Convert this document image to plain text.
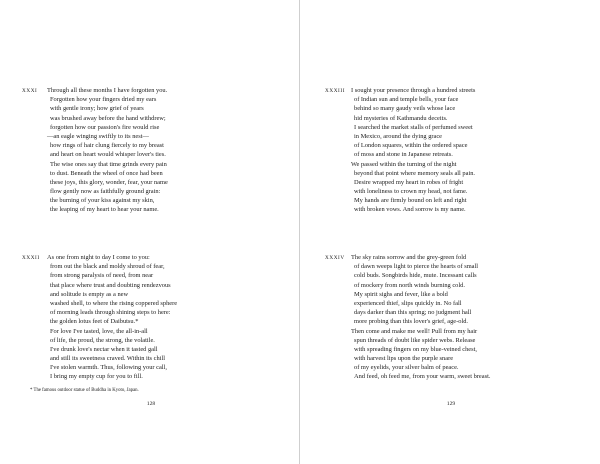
XXXI Through all these months I have forgotten you.
Forgotten how your fingers dried my ears
with gentle irony; how grief of years
was brushed away before the hand withdrew;
forgotten how our passion's fire would rise
—an eagle winging swiftly to its nest—
how rings of hair clung fiercely to my breast
and heart on heart would whisper lover's ties.
The wise ones say that time grinds every pain
to dust. Beneath the wheel of once had been
these joys, this glory, wonder, fear, your name
flow gently now as faithfully ground grain:
the burning of your kiss against my skin,
the leaping of my heart to hear your name.
XXXII As one from night to day I come to you:
from out the black and moldy shroud of fear,
from strong paralysis of need, from near
that place where trust and doubting rendezvous
and solitude is empty as a new
washed shell, to where the rising coppered sphere
of morning leads through shining steps to here:
the golden lotus feet of Daibutsu.*
For love I've tasted, love, the all-in-all
of life, the proud, the strong, the volatile.
I've drunk love's nectar when it tasted gall
and still its sweetness craved. Within its chill
I've stolen warmth. Thus, following your call,
I bring my empty cup for you to fill.
* The famous outdoor statue of Buddha in Kyoto, Japan.
128
XXXIII I sought your presence through a hundred streets
of Indian sun and temple bells, your face
behind so many gaudy veils whose lace
hid mysteries of Kathmandu deceits.
I searched the market stalls of perfumed sweet
in Mexico, around the dying grace
of London squares, within the ordered space
of moss and stone in Japanese retreats.
We passed within the turning of the night
beyond that point where memory seals all pain.
Desire wrapped my heart in robes of fright
with loneliness to crown my head, not fame.
My hands are firmly bound on left and right
with broken vows. And sorrow is my name.
XXXIV The sky rains sorrow and the grey-green fold
of dawn weeps light to pierce the hearts of small
cold buds. Songbirds hide, mute. Incessant calls
of mockery from north winds burning cold.
My spirit sighs and fever, like a bold
experienced thief, slips quickly in. No fall
days darker than this spring; no judgment hall
more probing than this lover's grief, age-old.
Then come and make me well! Pull from my hair
spun threads of doubt like spider webs. Release
with spreading fingers on my blue-veined chest,
with harvest lips upon the purple snare
of my eyelids, your silver balm of peace.
And feed, oh feed me, from your warm, sweet breast.
129
